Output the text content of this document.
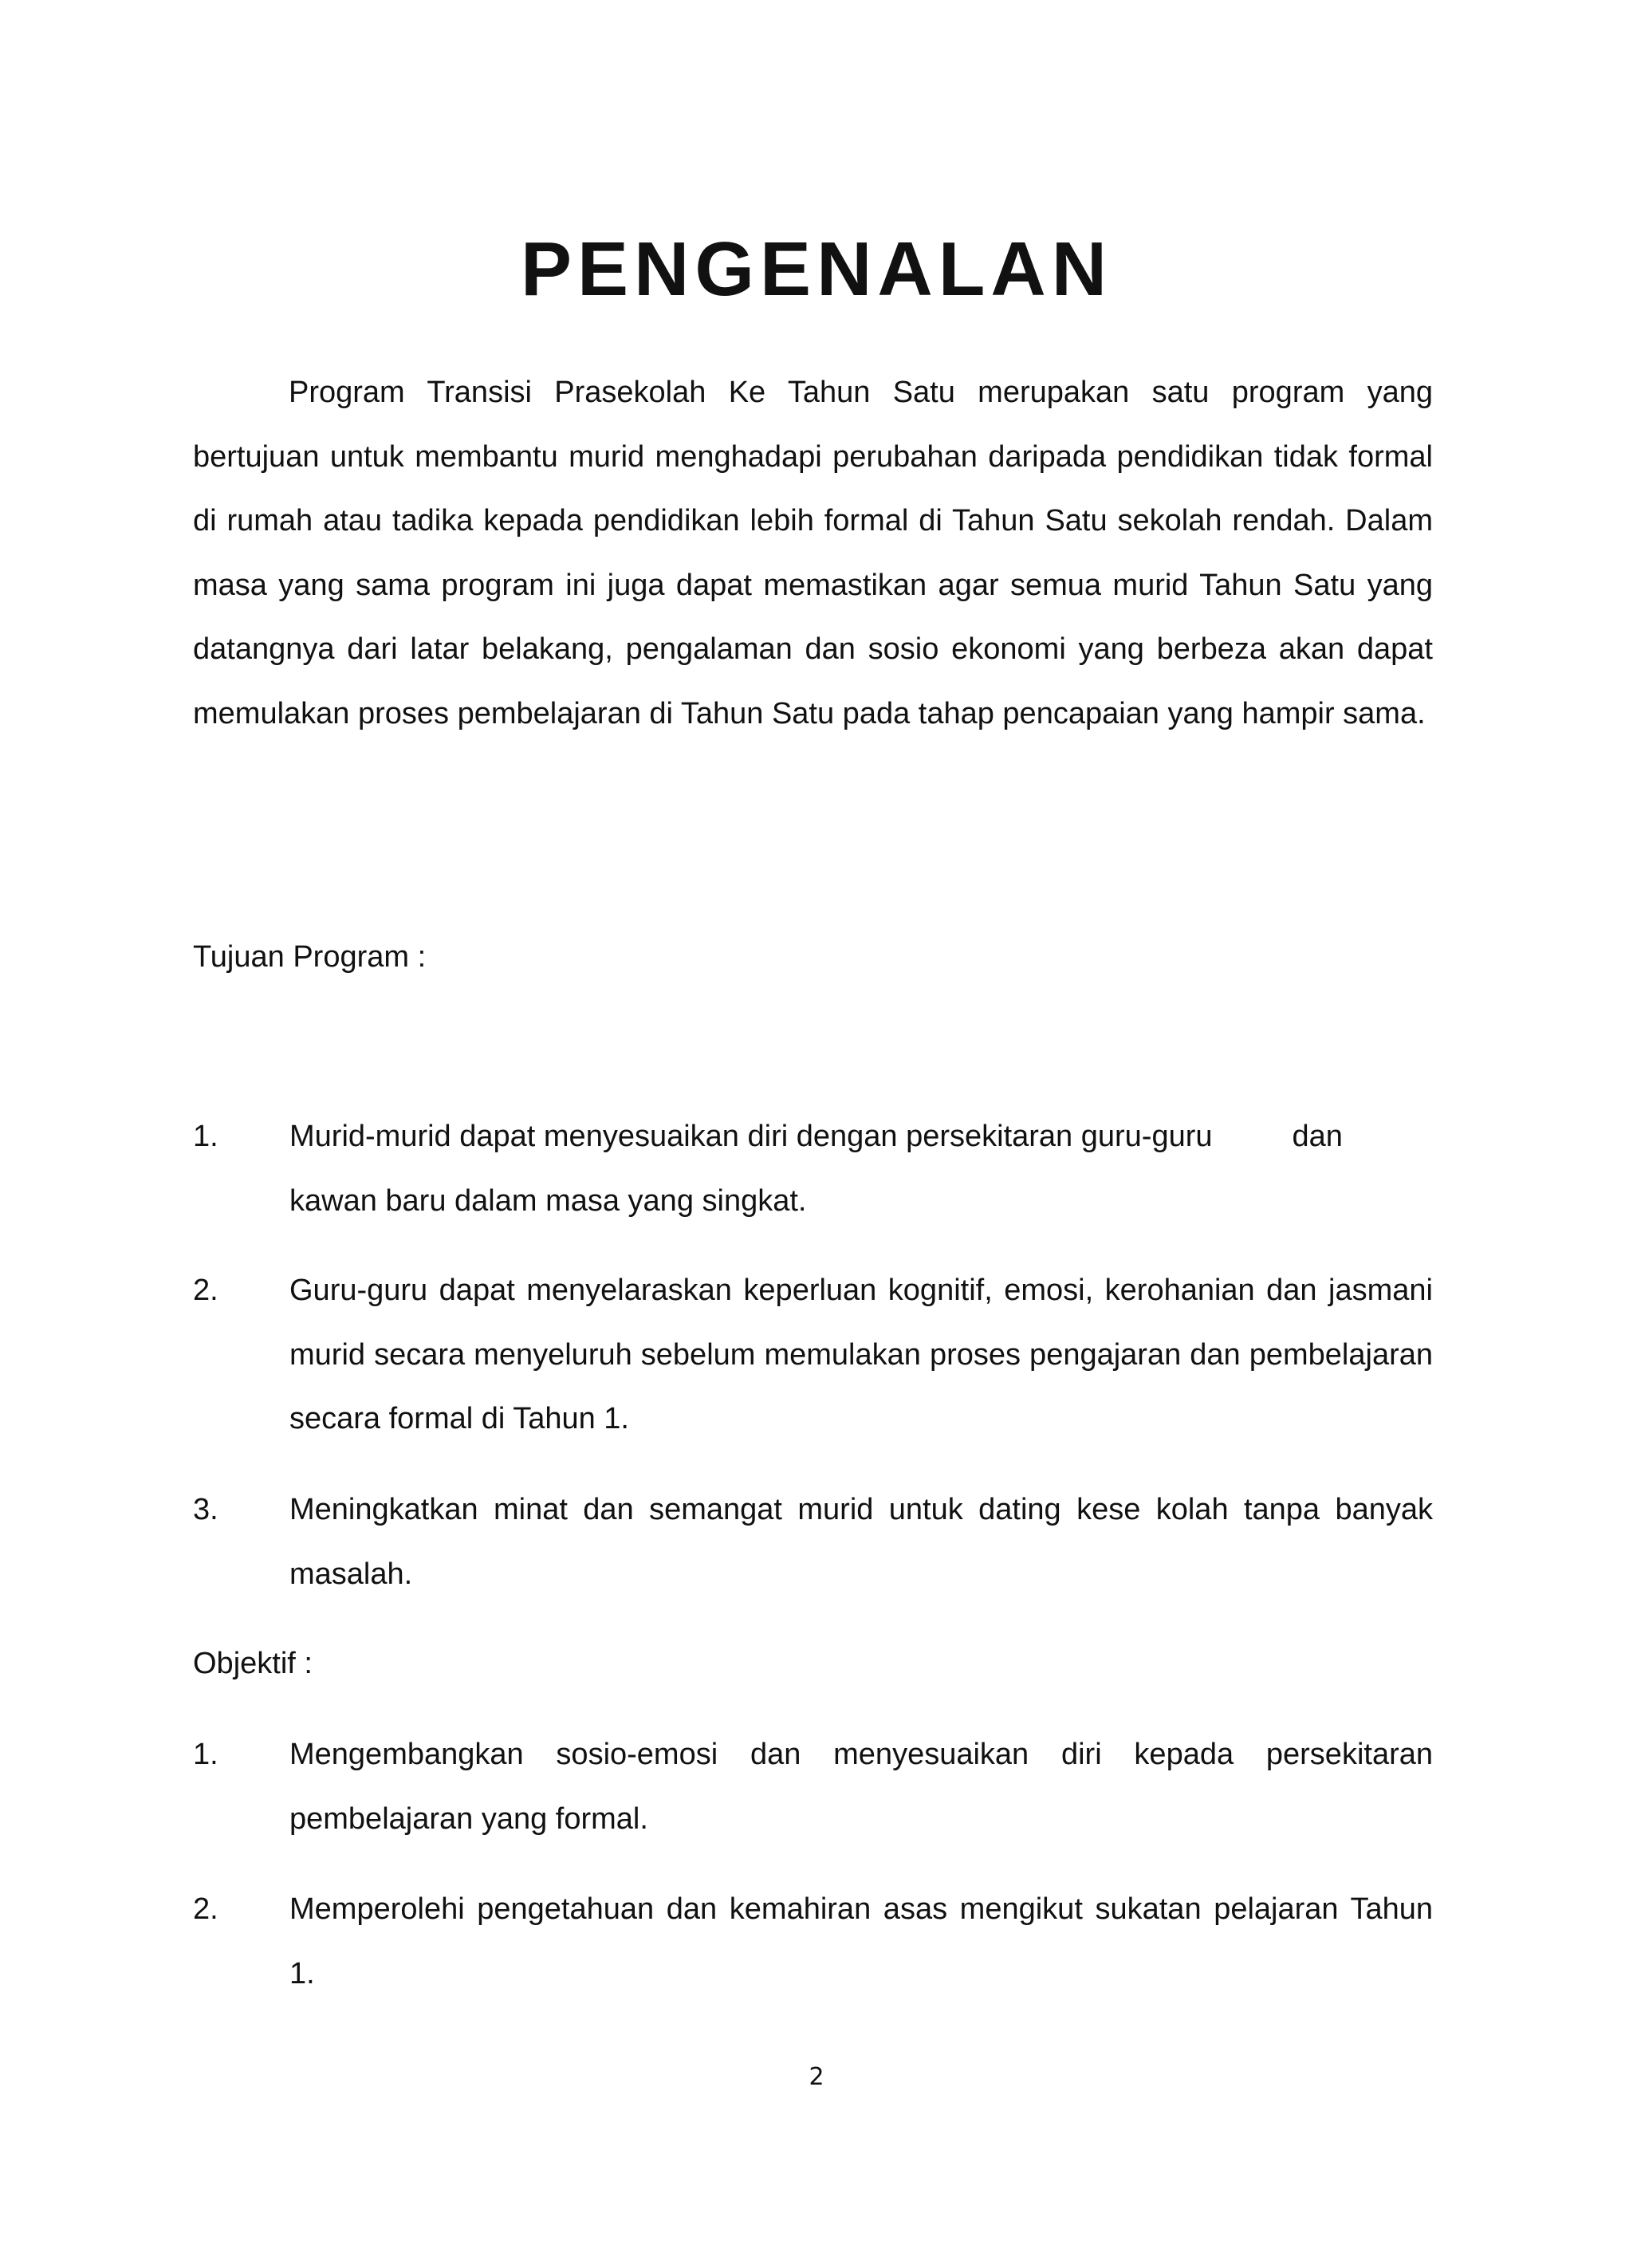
PENGENALAN

Program Transisi Prasekolah Ke Tahun Satu merupakan satu program yang bertujuan untuk membantu murid menghadapi perubahan daripada pendidikan tidak formal di rumah atau tadika kepada pendidikan lebih formal di Tahun Satu sekolah rendah. Dalam masa yang sama program ini juga dapat memastikan agar semua murid Tahun Satu yang datangnya dari latar belakang, pengalaman dan sosio ekonomi yang berbeza akan dapat memulakan proses pembelajaran di Tahun Satu pada tahap pencapaian yang hampir sama.

Tujuan Program :

1.	Murid-murid dapat menyesuaikan diri dengan persekitaran guru-guru	dan
kawan baru dalam masa yang singkat.
2.	Guru-guru dapat menyelaraskan keperluan kognitif, emosi, kerohanian dan jasmani murid secara menyeluruh sebelum memulakan proses pengajaran dan pembelajaran secara formal di Tahun 1.
3.	Meningkatkan minat dan semangat murid untuk dating kese kolah tanpa banyak masalah.

Objektif :

1.	Mengembangkan sosio-emosi dan menyesuaikan diri kepada persekitaran pembelajaran yang formal.
2.	Memperolehi pengetahuan dan kemahiran asas mengikut sukatan pelajaran Tahun 1.

2
